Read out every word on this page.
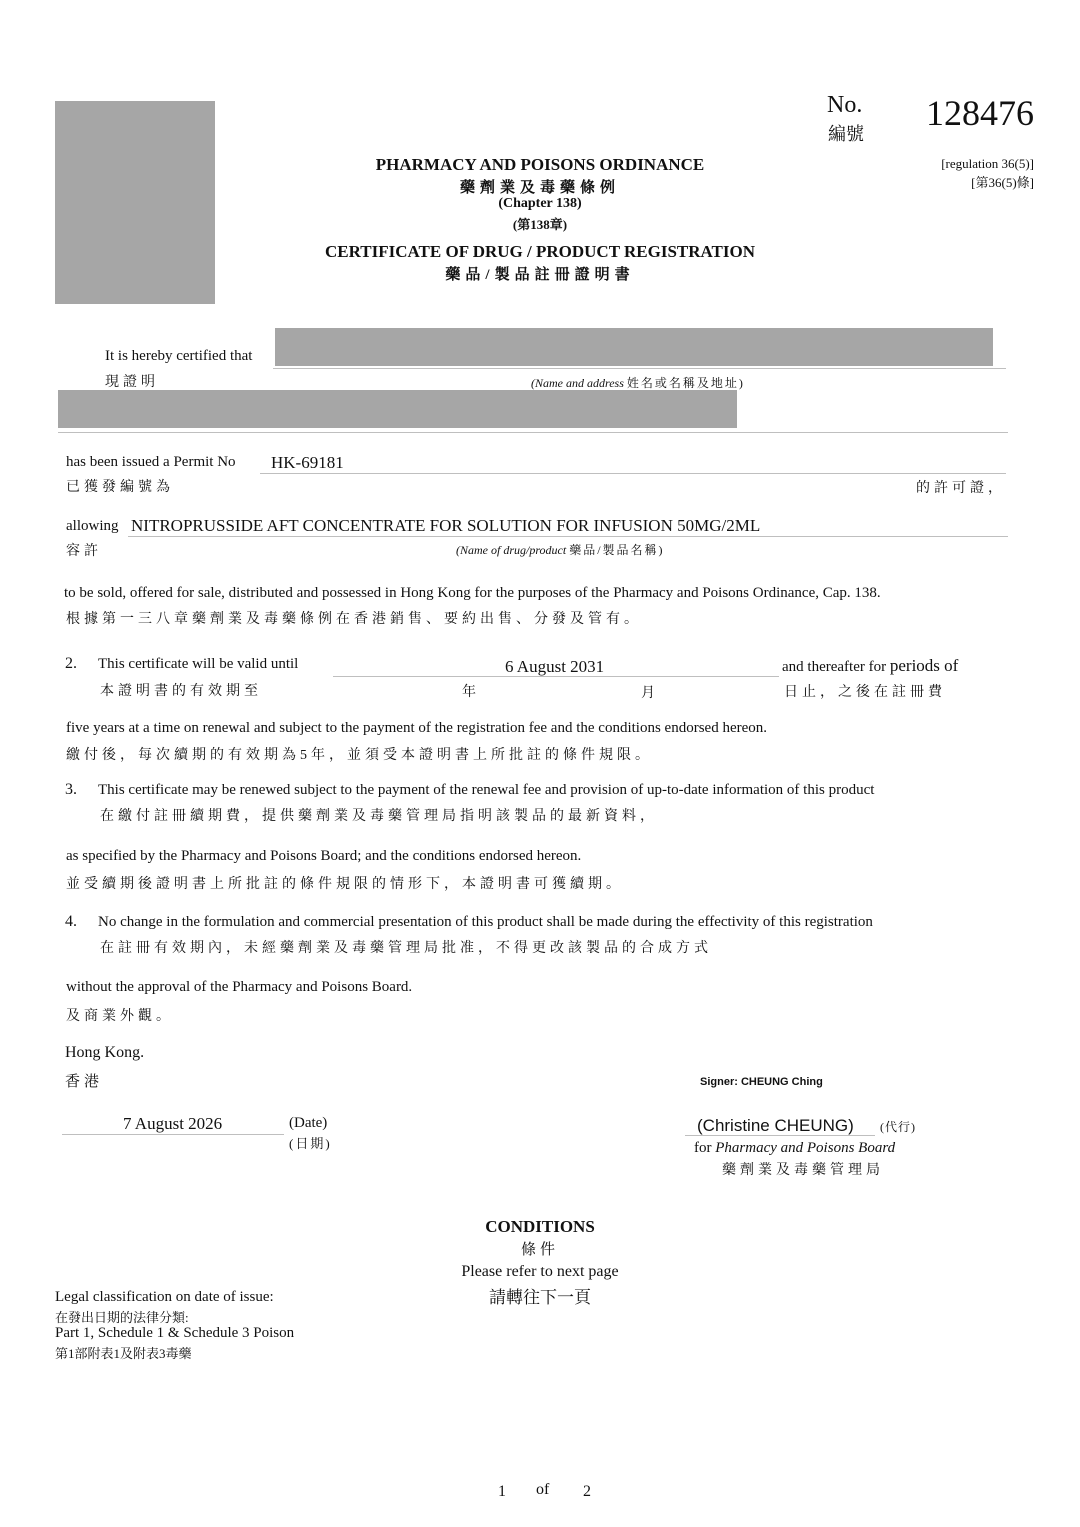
No.
編號
128476
[regulation 36(5)]
[第36(5)條]
PHARMACY AND POISONS ORDINANCE
藥劑業及毒藥條例
(Chapter 138)
(第138章)
CERTIFICATE OF DRUG / PRODUCT REGISTRATION
藥品/製品註冊證明書
It is hereby certified that
現證明	(Name and address 姓名或名稱及地址)
has been issued a Permit No
已獲發編號為
HK-69181
的許可證，
allowing
容許
NITROPRUSSIDE AFT CONCENTRATE FOR SOLUTION FOR INFUSION 50MG/2ML
(Name of drug/product 藥品/製品名稱)
to be sold, offered for sale, distributed and possessed in Hong Kong for the purposes of the Pharmacy and Poisons Ordinance, Cap. 138.
根據第一三八章藥劑業及毒藥條例在香港銷售、要約出售、分發及管有。
2. This certificate will be valid until
本證明書的有效期至
6 August 2031
年	月
and thereafter for periods of
日止，之後在註冊費
five years at a time on renewal and subject to the payment of the registration fee and the conditions endorsed hereon.
繳付後，每次續期的有效期為5年，並須受本證明書上所批註的條件規限。
3. This certificate may be renewed subject to the payment of the renewal fee and provision of up-to-date information of this product
在繳付註冊續期費，提供藥劑業及毒藥管理局指明該製品的最新資料，
as specified by the Pharmacy and Poisons Board; and the conditions endorsed hereon.
並受續期後證明書上所批註的條件規限的情形下，本證明書可獲續期。
4. No change in the formulation and commercial presentation of this product shall be made during the effectivity of this registration
在註冊有效期內，未經藥劑業及毒藥管理局批准，不得更改該製品的合成方式
without the approval of the Pharmacy and Poisons Board.
及商業外觀。
Hong Kong.
香港
7 August 2026	(Date)
(日期)
Signer: CHEUNG Ching
(Christine CHEUNG) (代行)
for Pharmacy and Poisons Board
藥劑業及毒藥管理局
CONDITIONS
條件
Please refer to next page
請轉往下一頁
Legal classification on date of issue:
在發出日期的法律分類:
Part 1, Schedule 1 & Schedule 3 Poison
第1部附表1及附表3毒藥
1 of 2
